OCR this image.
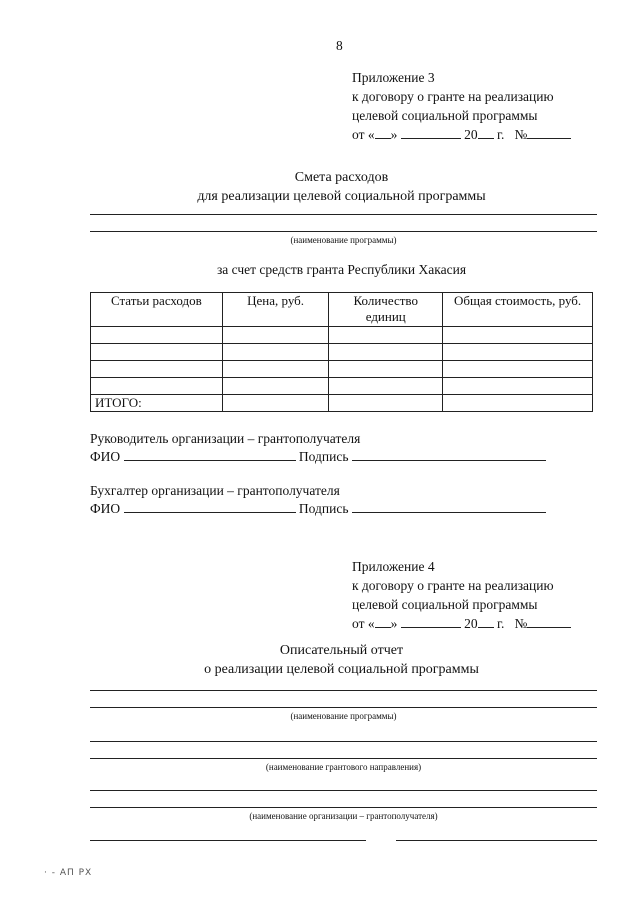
8
Приложение 3
к договору о гранте на реализацию
целевой социальной программы
от « »	20 г. №
Смета расходов
для реализации целевой социальной программы
(наименование программы)
за счет средств гранта Республики Хакасия
Статьи расходов	Цена, руб.	Количество единиц	Общая стоимость, руб.

ИТОГО:			
Руководитель организации – грантополучателя
ФИО	Подпись
Бухгалтер организации – грантополучателя
ФИО	Подпись
Приложение 4
к договору о гранте на реализацию
целевой социальной программы
от « »	20 г. №
Описательный отчет
о реализации целевой социальной программы
(наименование программы)
(наименование грантового направления)
(наименование организации – грантополучателя)
· - АП РХ
